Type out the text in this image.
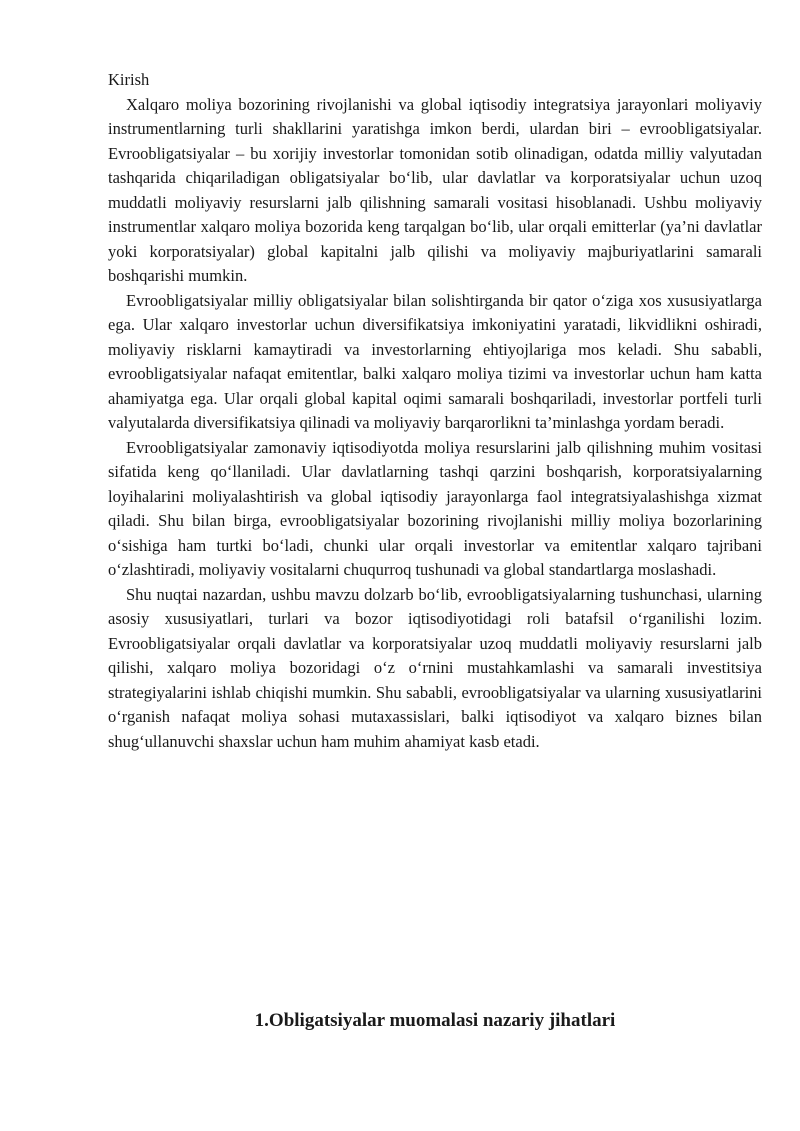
Kirish

Xalqaro moliya bozorining rivojlanishi va global iqtisodiy integratsiya jarayonlari moliyaviy instrumentlarning turli shakllarini yaratishga imkon berdi, ulardan biri – evroobligatsiyalar. Evroobligatsiyalar – bu xorijiy investorlar tomonidan sotib olinadigan, odatda milliy valyutadan tashqarida chiqariladigan obligatsiyalar bo‘lib, ular davlatlar va korporatsiyalar uchun uzoq muddatli moliyaviy resurslarni jalb qilishning samarali vositasi hisoblanadi. Ushbu moliyaviy instrumentlar xalqaro moliya bozorida keng tarqalgan bo‘lib, ular orqali emitterlar (ya’ni davlatlar yoki korporatsiyalar) global kapitalni jalb qilishi va moliyaviy majburiyatlarini samarali boshqarishi mumkin.

Evroobligatsiyalar milliy obligatsiyalar bilan solishtirganda bir qator o‘ziga xos xususiyatlarga ega. Ular xalqaro investorlar uchun diversifikatsiya imkoniyatini yaratadi, likvidlikni oshiradi, moliyaviy risklarni kamaytiradi va investorlarning ehtiyojlariga mos keladi. Shu sababli, evroobligatsiyalar nafaqat emitentlar, balki xalqaro moliya tizimi va investorlar uchun ham katta ahamiyatga ega. Ular orqali global kapital oqimi samarali boshqariladi, investorlar portfeli turli valyutalarda diversifikatsiya qilinadi va moliyaviy barqarorlikni ta’minlashga yordam beradi.

Evroobligatsiyalar zamonaviy iqtisodiyotda moliya resurslarini jalb qilishning muhim vositasi sifatida keng qo‘llaniladi. Ular davlatlarning tashqi qarzini boshqarish, korporatsiyalarning loyihalarini moliyalashtirish va global iqtisodiy jarayonlarga faol integratsiyalashishga xizmat qiladi. Shu bilan birga, evroobligatsiyalar bozorining rivojlanishi milliy moliya bozorlarining o‘sishiga ham turtki bo‘ladi, chunki ular orqali investorlar va emitentlar xalqaro tajribani o‘zlashtiradi, moliyaviy vositalarni chuqurroq tushunadi va global standartlarga moslashadi.

Shu nuqtai nazardan, ushbu mavzu dolzarb bo‘lib, evroobligatsiyalarning tushunchasi, ularning asosiy xususiyatlari, turlari va bozor iqtisodiyotidagi roli batafsil o‘rganilishi lozim. Evroobligatsiyalar orqali davlatlar va korporatsiyalar uzoq muddatli moliyaviy resurslarni jalb qilishi, xalqaro moliya bozoridagi o‘z o‘rnini mustahkamlashi va samarali investitsiya strategiyalarini ishlab chiqishi mumkin. Shu sababli, evroobligatsiyalar va ularning xususiyatlarini o‘rganish nafaqat moliya sohasi mutaxassislari, balki iqtisodiyot va xalqaro biznes bilan shug‘ullanuvchi shaxslar uchun ham muhim ahamiyat kasb etadi.

1.Obligatsiyalar muomalasi nazariy jihatlari
